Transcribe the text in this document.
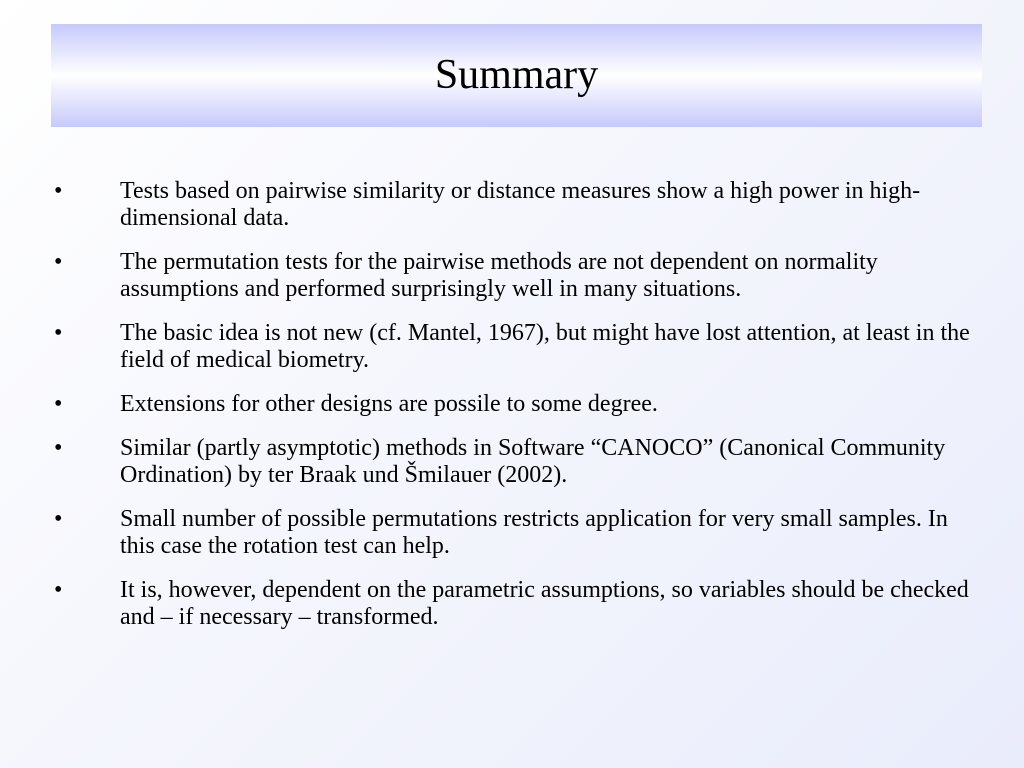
Summary
•	Tests based on pairwise similarity or distance measures show a high power in high-dimensional data.
•	The permutation tests for the pairwise methods are not dependent on normality assumptions and performed surprisingly well in many situations.
•	The basic idea is not new (cf. Mantel, 1967), but might have lost attention, at least in the field of medical biometry.
•	Extensions for other designs are possile to some degree.
•	Similar (partly asymptotic) methods in Software “CANOCO” (Canonical Community Ordination) by ter Braak und Šmilauer (2002).
•	Small number of possible permutations restricts application for very small samples. In this case the rotation test can help.
•	It is, however, dependent on the parametric assumptions, so variables should be checked and – if necessary – transformed.
